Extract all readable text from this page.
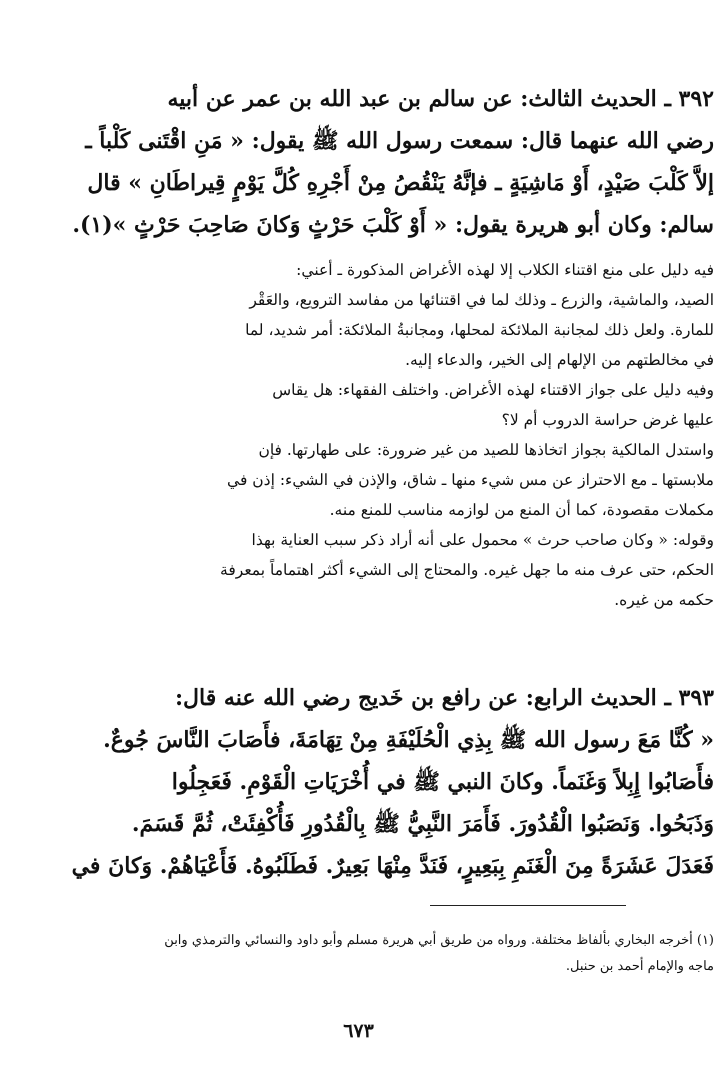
٣٩٢ ـ الحديث الثالث: عن سالم بن عبد الله بن عمر عن أبيه
رضي الله عنهما قال: سمعت رسول الله ﷺ يقول: « مَنِ اقْتَنى كَلْباً ـ
إلاَّ كَلْبَ صَيْدٍ، أَوْ مَاشِيَةٍ ـ فإنَّهُ يَنْقُصُ مِنْ أَجْرِهِ كُلَّ يَوْمٍ قِيراطَانِ » قال
سالم: وكان أبو هريرة يقول: « أَوْ كَلْبَ حَرْثٍ وَكانَ صَاحِبَ حَرْثٍ »(١).
فيه دليل على منع اقتناء الكلاب إلا لهذه الأغراض المذكورة ـ أعني:
الصيد، والماشية، والزرع ـ وذلك لما في اقتنائها من مفاسد الترويع، والعَقْر
للمارة. ولعل ذلك لمجانبة الملائكة لمحلها، ومجانبةُ الملائكة: أمر شديد، لما
في مخالطتهم من الإلهام إلى الخير، والدعاء إليه.
وفيه دليل على جواز الاقتناء لهذه الأغراض. واختلف الفقهاء: هل يقاس
عليها غرض حراسة الدروب أم لا؟
واستدل المالكية بجواز اتخاذها للصيد من غير ضرورة: على طهارتها. فإن
ملابستها ـ مع الاحتراز عن مس شيء منها ـ شاق، والإذن في الشيء: إذن في
مكملات مقصودة، كما أن المنع من لوازمه مناسب للمنع منه.
وقوله: « وكان صاحب حرث » محمول على أنه أراد ذكر سبب العناية بهذا
الحكم، حتى عرف منه ما جهل غيره. والمحتاج إلى الشيء أكثر اهتماماً بمعرفة
حكمه من غيره.
٣٩٣ ـ الحديث الرابع: عن رافع بن خَديج رضي الله عنه قال:
« كُنَّا مَعَ رسول الله ﷺ بِذِي الْحُلَيْفَةِ مِنْ تِهَامَةَ، فأَصَابَ النَّاسَ جُوعٌ.
فأَصَابُوا إِبِلاً وَغَنَماً. وكانَ النبي ﷺ في أُخْرَيَاتِ الْقَوْمِ. فَعَجِلُوا
وَذَبَحُوا. وَنَصَبُوا الْقُدُورَ. فَأَمَرَ النَّبِيُّ ﷺ بِالْقُدُورِ فَأُكْفِئَتْ، ثُمَّ قَسَمَ.
فَعَدَلَ عَشَرَةً مِنَ الْغَنَمِ بِبَعِيرٍ، فَنَدَّ مِنْهَا بَعِيرٌ. فَطَلَبُوهُ. فَأَعْيَاهُمْ. وَكانَ في
(١) أخرجه البخاري بألفاظ مختلفة. ورواه من طريق أبي هريرة مسلم وأبو داود والنسائي والترمذي وابن
ماجه والإمام أحمد بن حنبل.
٦٧٣
